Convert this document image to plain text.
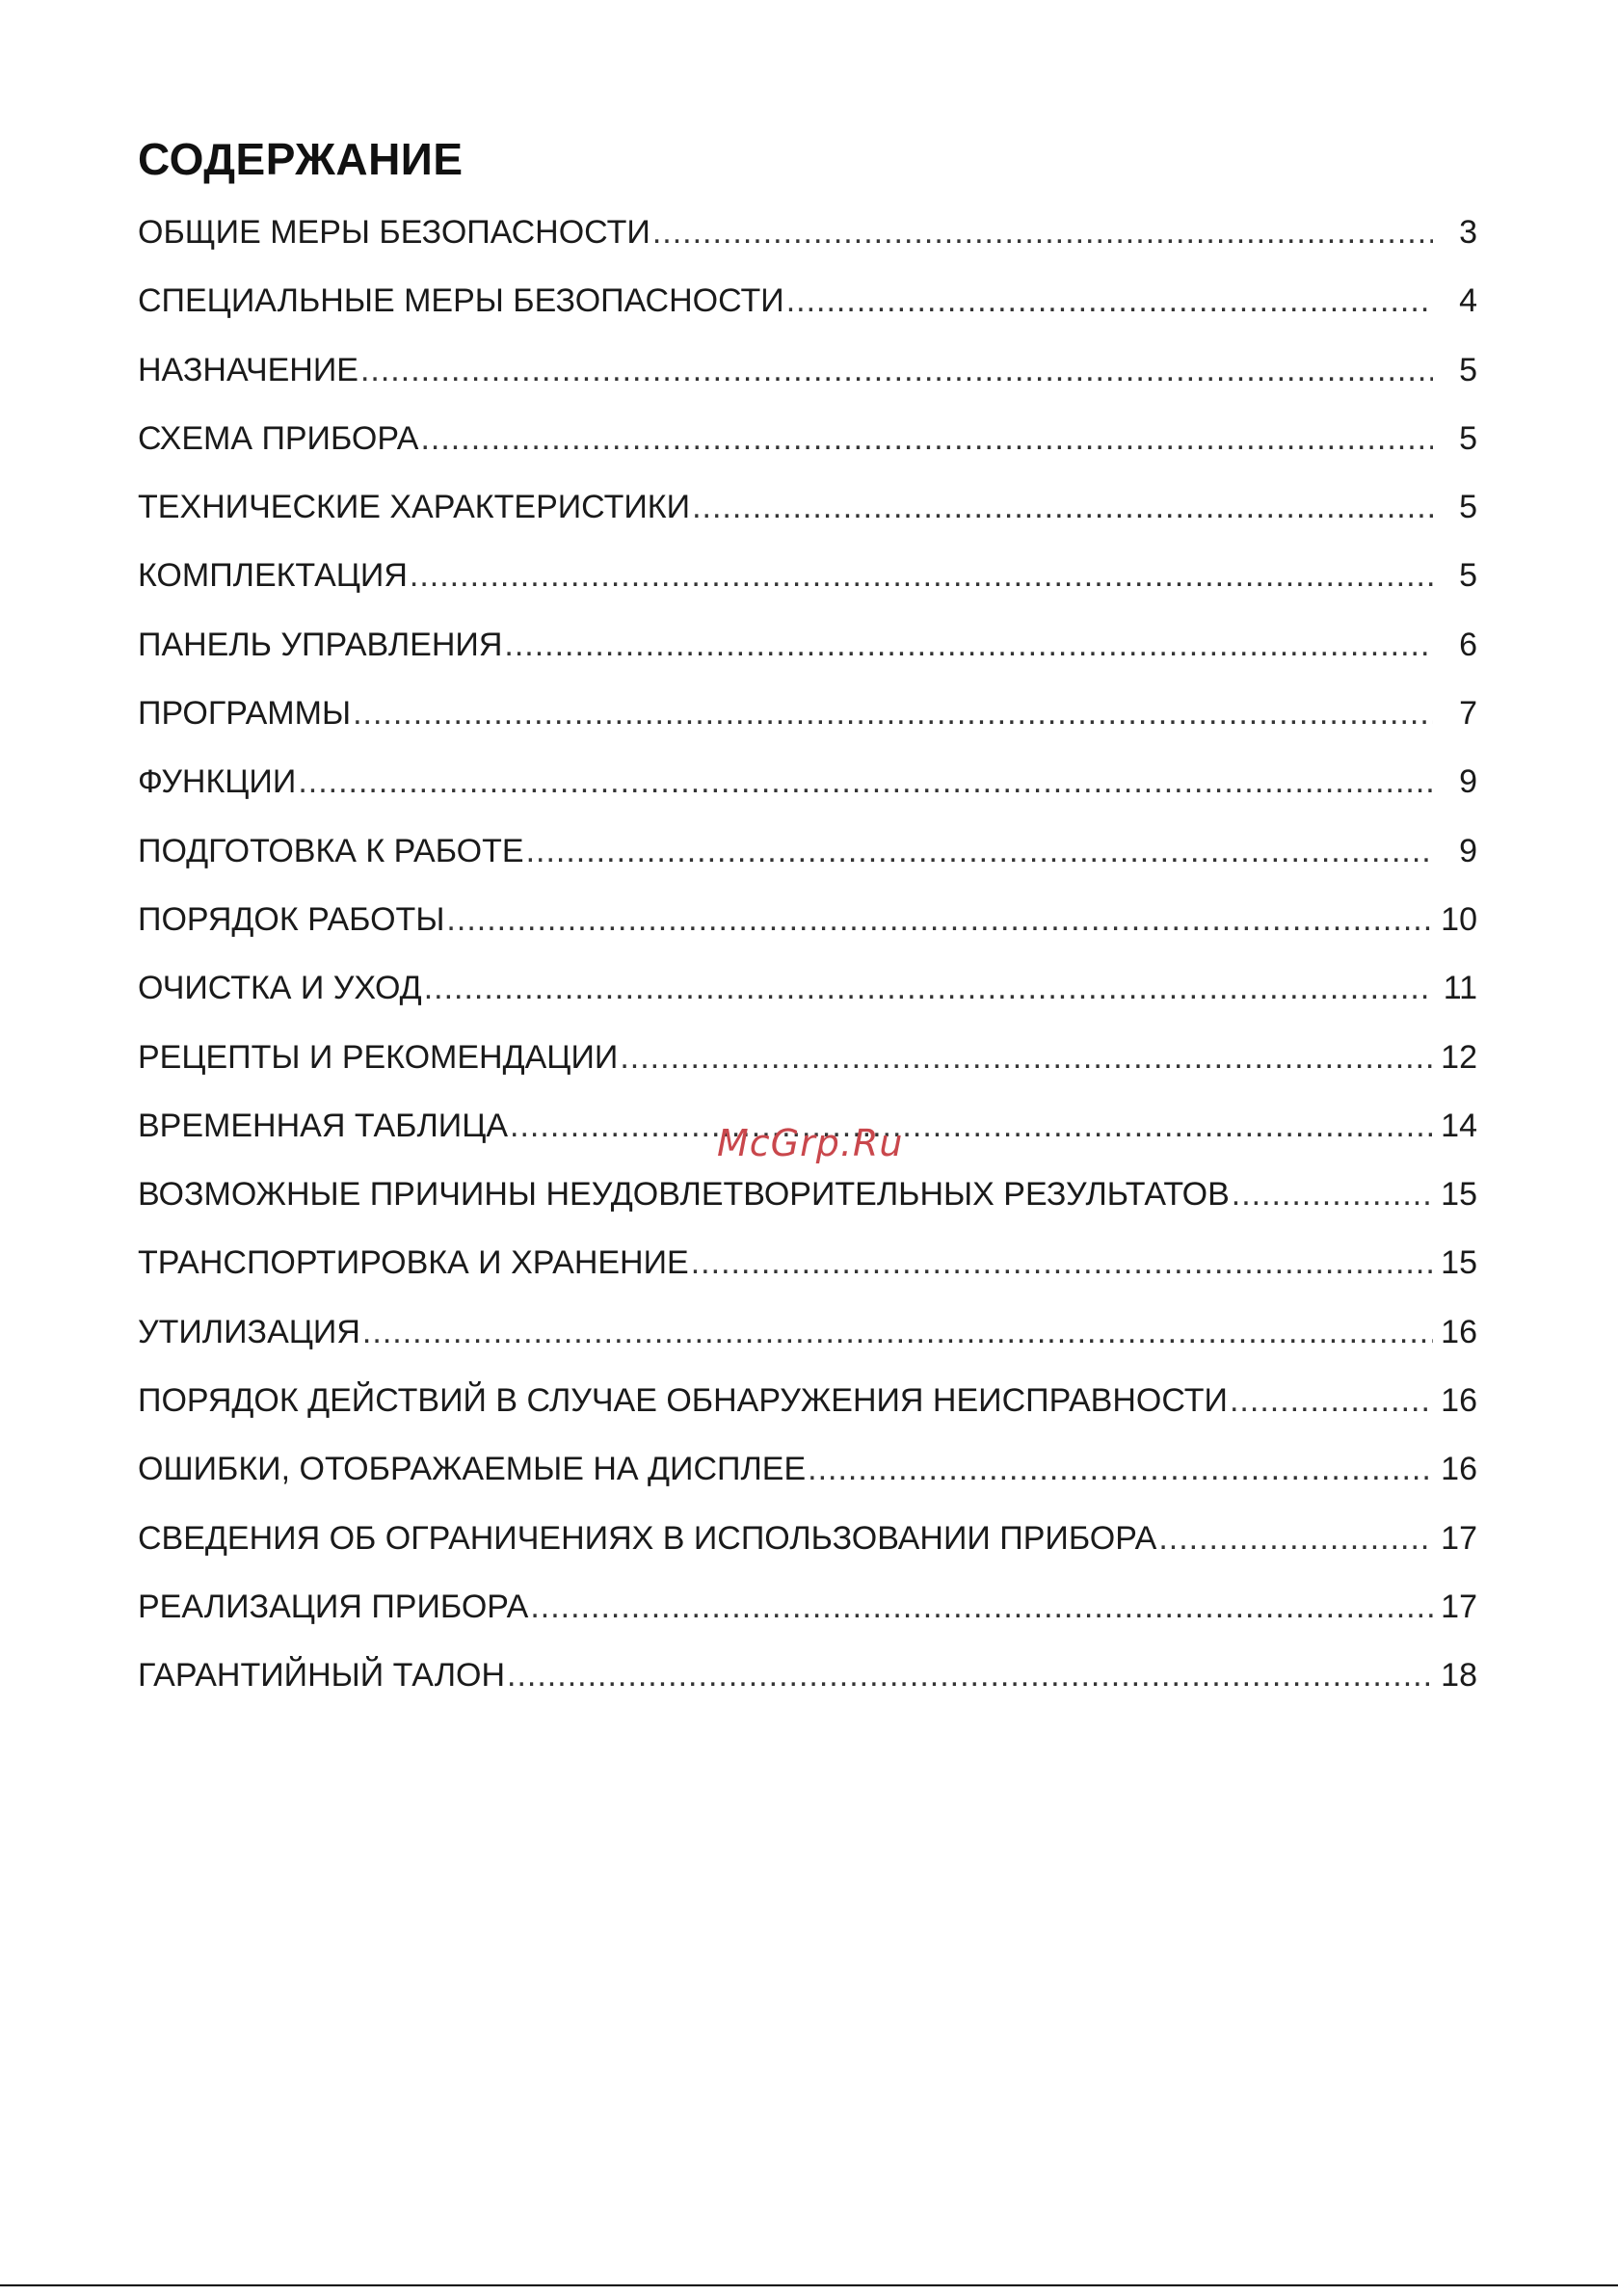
СОДЕРЖАНИЕ
ОБЩИЕ МЕРЫ БЕЗОПАСНОСТИ .....	3
СПЕЦИАЛЬНЫЕ МЕРЫ БЕЗОПАСНОСТИ .....	4
НАЗНАЧЕНИЕ .....	5
СХЕМА ПРИБОРА .....	5
ТЕХНИЧЕСКИЕ ХАРАКТЕРИСТИКИ .....	5
КОМПЛЕКТАЦИЯ .....	5
ПАНЕЛЬ УПРАВЛЕНИЯ .....	6
ПРОГРАММЫ .....	7
ФУНКЦИИ .....	9
ПОДГОТОВКА К РАБОТЕ .....	9
ПОРЯДОК РАБОТЫ .....	10
ОЧИСТКА И УХОД .....	11
РЕЦЕПТЫ И РЕКОМЕНДАЦИИ .....	12
ВРЕМЕННАЯ ТАБЛИЦА .....	14
ВОЗМОЖНЫЕ ПРИЧИНЫ НЕУДОВЛЕТВОРИТЕЛЬНЫХ РЕЗУЛЬТАТОВ .....	15
ТРАНСПОРТИРОВКА И ХРАНЕНИЕ .....	15
УТИЛИЗАЦИЯ .....	16
ПОРЯДОК ДЕЙСТВИЙ В СЛУЧАЕ ОБНАРУЖЕНИЯ НЕИСПРАВНОСТИ .....	16
ОШИБКИ, ОТОБРАЖАЕМЫЕ НА ДИСПЛЕЕ .....	16
СВЕДЕНИЯ ОБ ОГРАНИЧЕНИЯХ В ИСПОЛЬЗОВАНИИ ПРИБОРА .....	17
РЕАЛИЗАЦИЯ ПРИБОРА .....	17
ГАРАНТИЙНЫЙ ТАЛОН .....	18
McGrp.Ru
